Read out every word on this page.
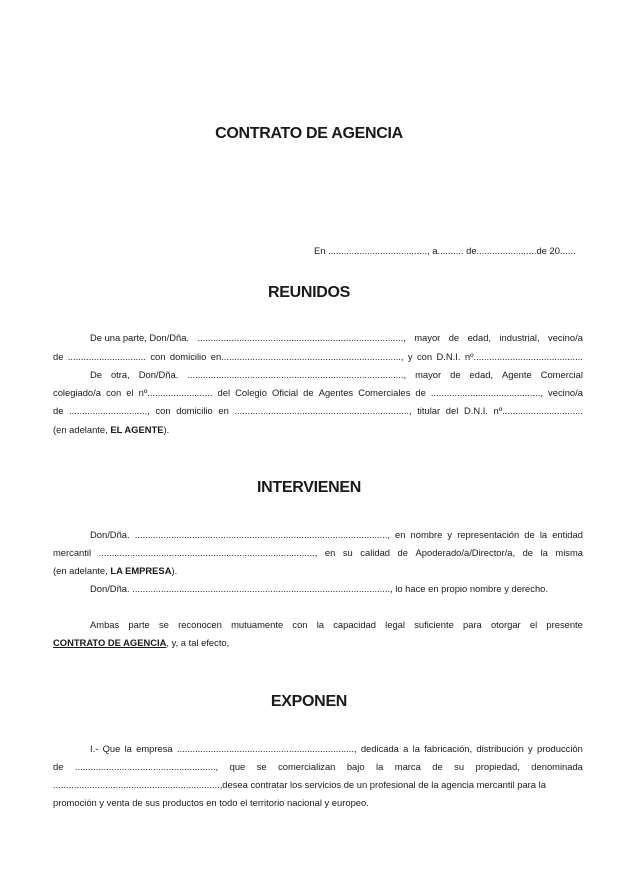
CONTRATO DE AGENCIA
En ......................................, a.......... de.......................de 20......
REUNIDOS
De una parte, Don/Dña. ..............................................................................., mayor de edad, industrial, vecino/a
de .............................. con domicilio en....................................................................., y con D.N.I. nº..........................................
De otra, Don/Dña. ..................................................................................., mayor de edad, Agente Comercial
colegiado/a con el nº......................... del Colegio Oficial de Agentes Comerciales de .........................................., vecino/a
de .............................., con domicilio en ..................................................................., titular del D.N.I. nº...............................
(en adelante, EL AGENTE).
INTERVIENEN
Don/Dña. ................................................................................................., en nombre y representación de la entidad
mercantil ..................................................................................., en su calidad de Apoderado/a/Director/a, de la misma
(en adelante, LA EMPRESA).
Don/Dña. ..................................................................................................., lo hace en propio nombre y derecho.
Ambas parte se reconocen mutuamente con la capacidad legal suficiente para otorgar el presente
CONTRATO DE AGENCIA, y, a tal efecto,
EXPONEN
I.- Que la empresa ...................................................................., dedicada a la fabricación, distribución y producción
de ......................................................, que se comercializan bajo la marca de su propiedad, denominada
................................................................,desea contratar los servicios de un profesional de la agencia mercantil para la
promoción y venta de sus productos en todo el territorio nacional y europeo.
